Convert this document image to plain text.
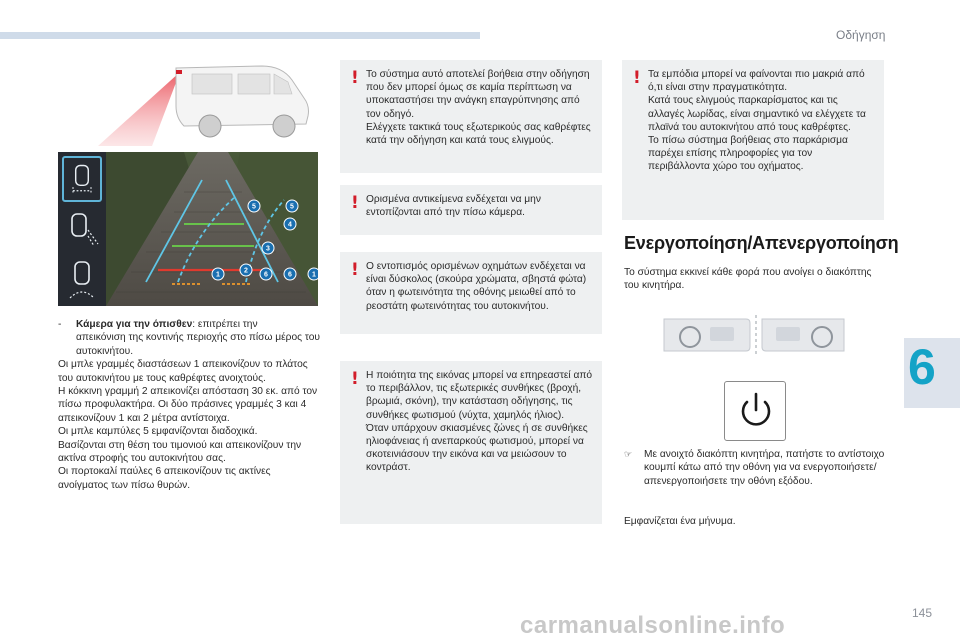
Οδήγηση
6
5	5
4
3
2
1	6	6	1
-	Κάμερα για την όπισθεν: επιτρέπει την

απεικόνιση της κοντινής περιοχής στο πίσω μέρος του αυτοκινήτου.

Οι μπλε γραμμές διαστάσεων 1 απεικονίζουν το πλάτος του αυτοκινήτου με τους καθρέφτες ανοιχτούς.

Η κόκκινη γραμμή 2 απεικονίζει απόσταση 30 εκ. από τον πίσω προφυλακτήρα. Οι δύο πράσινες γραμμές 3 και 4 απεικονίζουν 1 και 2 μέτρα αντίστοιχα.

Οι μπλε καμπύλες 5 εμφανίζονται διαδοχικά.

Βασίζονται στη θέση του τιμονιού και απεικονίζουν την ακτίνα στροφής του αυτοκινήτου σας.

Οι πορτοκαλί παύλες 6 απεικονίζουν τις ακτίνες ανοίγματος των πίσω θυρών.

! Το σύστημα αυτό αποτελεί βοήθεια στην οδήγηση που δεν μπορεί όμως σε καμία περίπτωση να υποκαταστήσει την ανάγκη επαγρύπνησης από τον οδηγό.

Ελέγχετε τακτικά τους εξωτερικούς σας καθρέφτες κατά την οδήγηση και κατά τους ελιγμούς.

! Ορισμένα αντικείμενα ενδέχεται να μην εντοπίζονται από την πίσω κάμερα.

! Ο εντοπισμός ορισμένων οχημάτων ενδέχεται να είναι δύσκολος (σκούρα χρώματα, σβηστά φώτα) όταν η φωτεινότητα της οθόνης μειωθεί από το ρεοστάτη φωτεινότητας του αυτοκινήτου.

! Η ποιότητα της εικόνας μπορεί να επηρεαστεί από το περιβάλλον, τις εξωτερικές συνθήκες (βροχή, βρωμιά, σκόνη), την κατάσταση οδήγησης, τις συνθήκες φωτισμού (νύχτα, χαμηλός ήλιος).

Όταν υπάρχουν σκιασμένες ζώνες ή σε συνθήκες ηλιοφάνειας ή ανεπαρκούς φωτισμού, μπορεί να σκοτεινιάσουν την εικόνα και να μειώσουν το κοντράστ.

! Τα εμπόδια μπορεί να φαίνονται πιο μακριά από ό,τι είναι στην πραγματικότητα.

Κατά τους ελιγμούς παρκαρίσματος και τις αλλαγές λωρίδας, είναι σημαντικό να ελέγχετε τα πλαϊνά του αυτοκινήτου από τους καθρέφτες.

Το πίσω σύστημα βοήθειας στο παρκάρισμα παρέχει επίσης πληροφορίες για τον περιβάλλοντα χώρο του οχήματος.

Ενεργοποίηση/Απενεργοποίηση
Το σύστημα εκκινεί κάθε φορά που ανοίγει ο διακόπτης του κινητήρα.
☞	Με ανοιχτό διακόπτη κινητήρα, πατήστε το αντίστοιχο κουμπί κάτω από την οθόνη για να ενεργοποιήσετε/απενεργοποιήσετε την οθόνη εξόδου.
Εμφανίζεται ένα μήνυμα.
carmanualsonline.info	145
